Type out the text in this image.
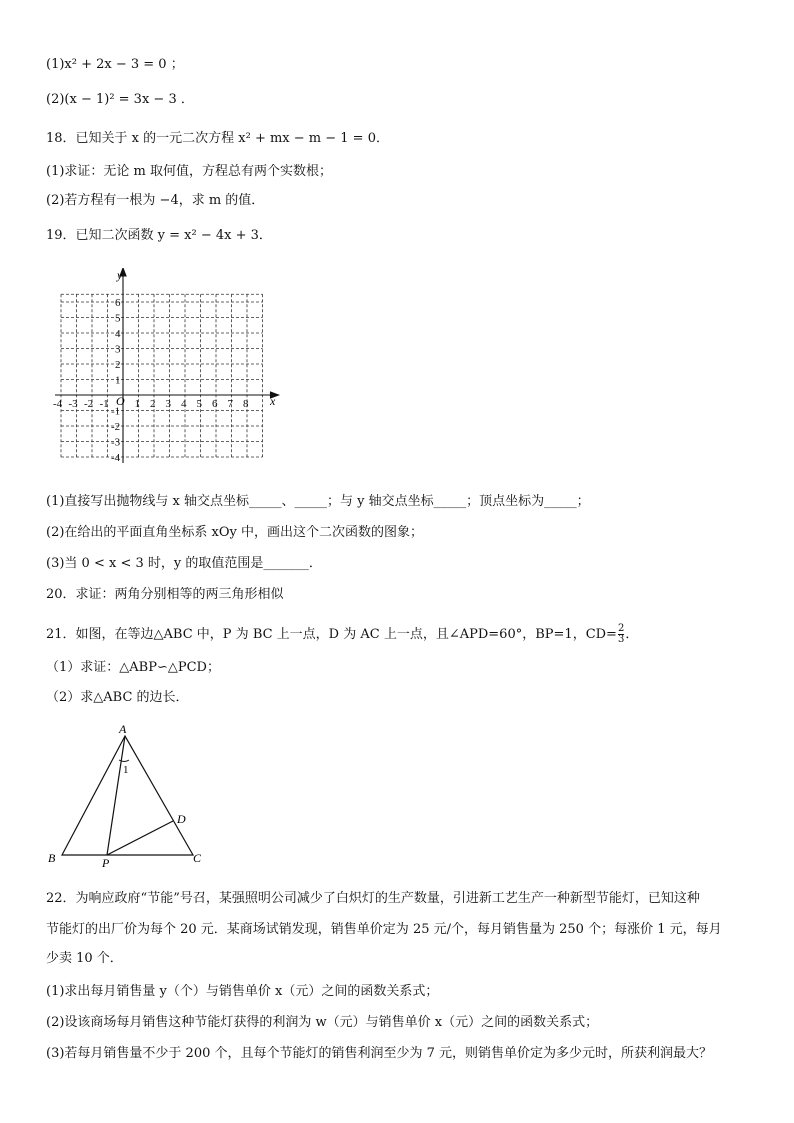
(1)x² + 2x − 3 = 0 ；
(2)(x − 1)² = 3x − 3 ．
18．已知关于 x 的一元二次方程 x² + mx − m − 1 = 0．
(1)求证：无论 m 取何值，方程总有两个实数根；
(2)若方程有一根为 −4，求 m 的值．
19．已知二次函数 y = x² − 4x + 3．
-4 -3 -2 -1 1 2 3 4 5 6 7 8
6
5
4
3
2
1
-1
-2
-3
-4
x
y
O
(1)直接写出抛物线与 x 轴交点坐标_____、_____；与 y 轴交点坐标_____；顶点坐标为_____；
(2)在给出的平面直角坐标系 xOy 中，画出这个二次函数的图象；
(3)当 0 < x < 3 时，y 的取值范围是_______．
20．求证：两角分别相等的两三角形相似
21．如图，在等边△ABC 中，P 为 BC 上一点，D 为 AC 上一点，且∠APD=60°，BP=1，$CD= \frac{2}{3}$ ．
（1）求证：△ABP∽△PCD；
（2）求△ABC 的边长．
A
B	C
D
P
1
22．为响应政府“节能”号召，某强照明公司减少了白炽灯的生产数量，引进新工艺生产一种新型节能灯，已知这种
节能灯的出厂价为每个 20 元．某商场试销发现，销售单价定为 25 元/个，每月销售量为 250 个；每涨价 1 元，每月
少卖 10 个．
(1)求出每月销售量 y（个）与销售单价 x（元）之间的函数关系式；
(2)设该商场每月销售这种节能灯获得的利润为 w（元）与销售单价 x（元）之间的函数关系式；
(3)若每月销售量不少于 200 个，且每个节能灯的销售利润至少为 7 元，则销售单价定为多少元时，所获利润最大？
